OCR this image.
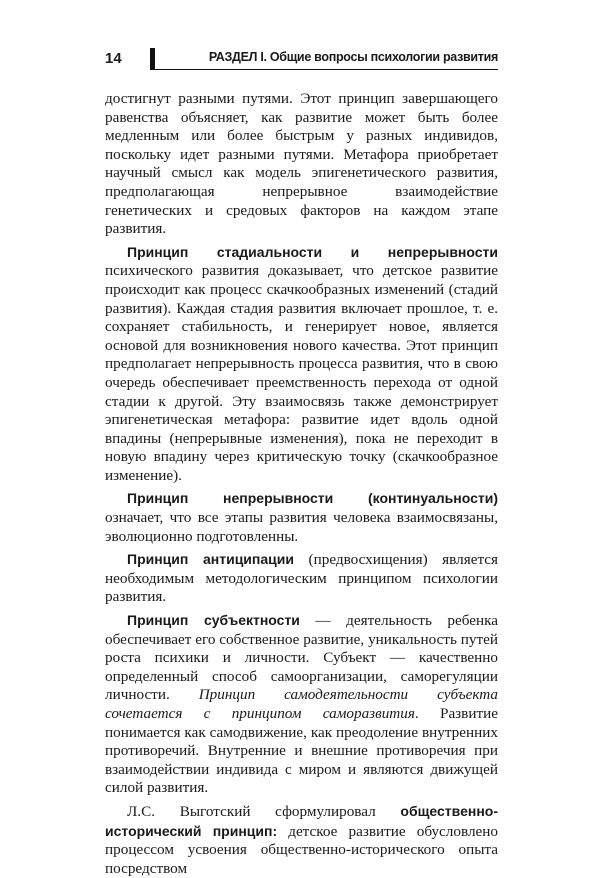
14	РАЗДЕЛ I. Общие вопросы психологии развития

достигнут разными путями. Этот принцип завершающего равенства объясняет, как развитие может быть более медленным или более быстрым у разных индивидов, поскольку идет разными путями. Метафора приобретает научный смысл как модель эпигенетического развития, предполагающая непрерывное взаимодействие генетических и средовых факторов на каждом этапе развития.

Принцип стадиальности и непрерывности психического развития доказывает, что детское развитие происходит как процесс скачкообразных изменений (стадий развития). Каждая стадия развития включает прошлое, т. е. сохраняет стабильность, и генерирует новое, является основой для возникновения нового качества. Этот принцип предполагает непрерывность процесса развития, что в свою очередь обеспечивает преемственность перехода от одной стадии к другой. Эту взаимосвязь также демонстрирует эпигенетическая метафора: развитие идет вдоль одной впадины (непрерывные изменения), пока не переходит в новую впадину через критическую точку (скачкообразное изменение).

Принцип непрерывности (континуальности) означает, что все этапы развития человека взаимосвязаны, эволюционно подготовленны.

Принцип антиципации (предвосхищения) является необходимым методологическим принципом психологии развития.

Принцип субъектности — деятельность ребенка обеспечивает его собственное развитие, уникальность путей роста психики и личности. Субъект — качественно определенный способ самоорганизации, саморегуляции личности. Принцип самодеятельности субъекта сочетается с принципом саморазвития. Развитие понимается как самодвижение, как преодоление внутренних противоречий. Внутренние и внешние противоречия при взаимодействии индивида с миром и являются движущей силой развития.

Л.С. Выготский сформулировал общественно-исторический принцип: детское развитие обусловлено процессом усвоения общественно-исторического опыта посредством
